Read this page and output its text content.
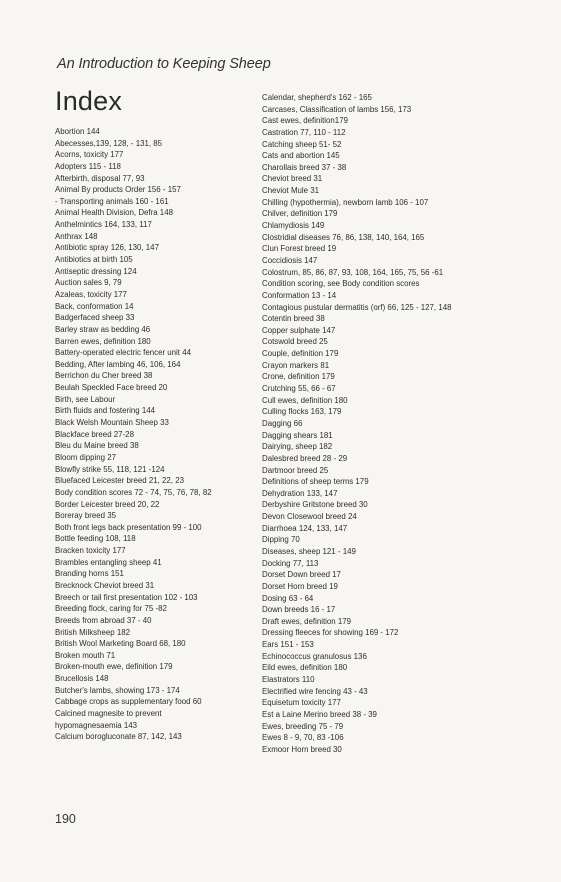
An Introduction to Keeping Sheep
Index
Abortion 144
Abecesses,139, 128, - 131, 85
Acorns, toxicity 177
Adopters 115 - 118
Afterbirth, disposal 77, 93
Animal By products Order 156 - 157
- Transporting animals 160 - 161
Animal Health Division, Defra 148
Anthelmintics 164, 133, 117
Anthrax 148
Antibiotic spray 126, 130, 147
Antibiotics at birth 105
Antiseptic dressing 124
Auction sales 9, 79
Azaleas, toxicity 177
Back, conformation 14
Badgerfaced sheep 33
Barley straw as bedding 46
Barren ewes, definition 180
Battery-operated electric fencer unit 44
Bedding, After lambing 46, 106, 164
Berrichon du Cher breed 38
Beulah Speckled Face breed 20
Birth, see Labour
Birth fluids and fostering 144
Black Welsh Mountain Sheep 33
Blackface breed 27-28
Bleu du Maine breed 38
Bloom dipping 27
Blowfly strike 55, 118, 121 -124
Bluefaced Leicester breed 21, 22, 23
Body condition scores 72 - 74, 75, 76, 78, 82
Border Leicester breed 20, 22
Boreray breed 35
Both front legs back presentation 99 - 100
Bottle feeding 108, 118
Bracken toxicity 177
Brambles entangling sheep 41
Branding horns 151
Brecknock Cheviot breed 31
Breech or tail first presentation 102 - 103
Breeding flock, caring for 75 -82
Breeds from abroad 37 - 40
British Milksheep 182
British Wool Marketing Board 68, 180
Broken mouth 71
Broken-mouth ewe, definition 179
Brucellosis 148
Butcher's lambs, showing 173 - 174
Cabbage crops as supplementary food 60
Calcined magnesite to prevent
hypomagnesaemia 143
Calcium borogluconate 87, 142, 143
Calendar, shepherd's 162 - 165
Carcases, Classification of lambs 156, 173
Cast ewes, definition179
Castration 77, 110 - 112
Catching sheep 51- 52
Cats and abortion 145
Charollais breed 37 - 38
Cheviot breed 31
Cheviot Mule 31
Chilling (hypothermia), newborn lamb 106 - 107
Chilver, definition 179
Chlamydiosis 149
Clostridial diseases 76, 86, 138, 140, 164, 165
Clun Forest breed 19
Coccidiosis 147
Colostrum, 85, 86, 87, 93, 108, 164, 165, 75, 56 -61
Condition scoring, see Body condition scores
Conformation 13 - 14
Contagious pustular dermatitis (orf) 66, 125 - 127, 148
Cotentin breed 38
Copper sulphate 147
Cotswold breed 25
Couple, definition 179
Crayon markers 81
Crone, definition 179
Crutching 55, 66 - 67
Cull ewes, definition 180
Culling flocks 163, 179
Dagging 66
Dagging shears 181
Dairying, sheep 182
Dalesbred breed 28 - 29
Dartmoor breed 25
Definitions of sheep terms 179
Dehydration 133, 147
Derbyshire Gritstone breed 30
Devon Closewool breed 24
Diarrhoea 124, 133, 147
Dipping 70
Diseases, sheep 121 - 149
Docking 77, 113
Dorset Down breed 17
Dorset Horn breed 19
Dosing 63 - 64
Down breeds 16 - 17
Draft ewes, definition 179
Dressing fleeces for showing 169 - 172
Ears 151 - 153
Echinococcus granulosus 136
Eild ewes, definition 180
Elastrators 110
Electrified wire fencing 43 - 43
Equisetum toxicity 177
Est a Laine Merino breed 38 - 39
Ewes, breeding 75 - 79
Ewes 8 - 9, 70, 83 -106
Exmoor Horn breed 30
190
